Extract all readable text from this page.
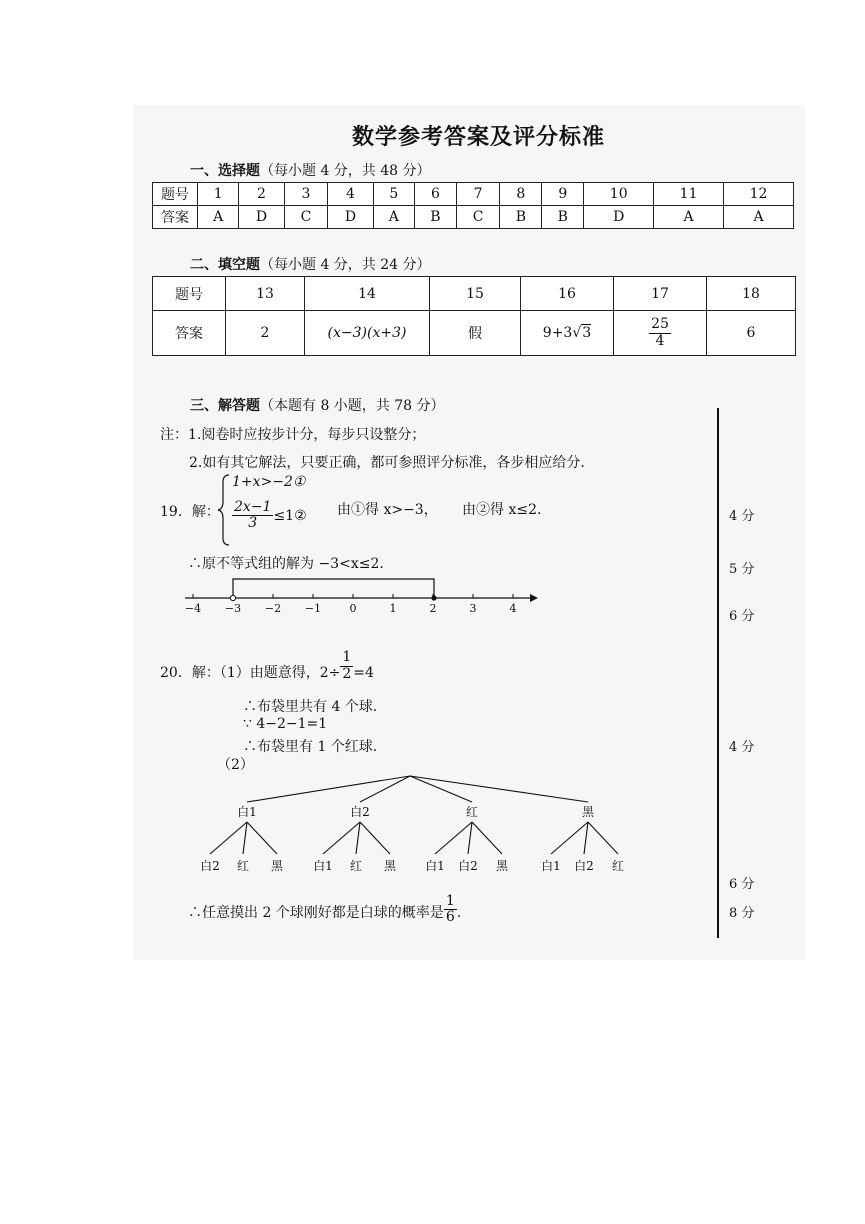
数学参考答案及评分标准
一、选择题（每小题 4 分，共 48 分）
题号	1	2	3	4	5	6	7	8	9	10	11	12
答案	A	D	C	D	A	B	C	B	B	D	A	A
二、填空题（每小题 4 分，共 24 分）
题号	13	14	15	16	17	18
答案	2	(x−3)(x+3)	假	9+3√3	$\frac{25}{4}$	6
三、解答题（本题有 8 小题，共 78 分）
注：1.阅卷时应按步计分，每步只设整分；
2.如有其它解法，只要正确，都可参照评分标准，各步相应给分.
19．解：
1+x>−2①
$\frac{2x-1}{3}$ ≤1② 由①得 x>−3， 由②得 x≤2.
∴原不等式组的解为 −3<x≤2.
−4 −3 −2 −1	0	1	2	3	4
20．解：（1）由题意得，$2\div \frac{1}{2} =4$
∴布袋里共有 4 个球.
∵ 4−2−1=1
∴布袋里有 1 个红球.
（2）
白1
白2 红 黑
白2
白1 红 黑
红
白1 白2 黑
黑
白1 白2 红
∴任意摸出 2 个球刚好都是白球的概率是 $\frac{1}{6}$ .
4 分
5 分
6 分
4 分
6 分
8 分
